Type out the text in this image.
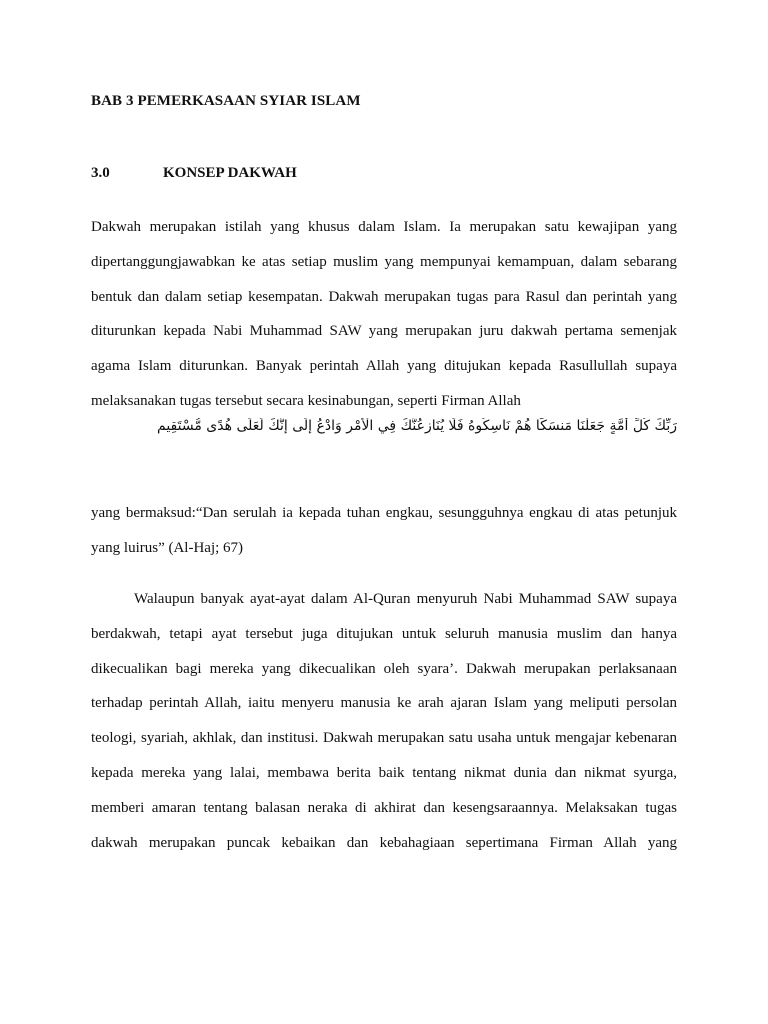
BAB 3 PEMERKASAAN SYIAR ISLAM
3.0	KONSEP DAKWAH
Dakwah merupakan istilah yang khusus dalam Islam. Ia merupakan satu kewajipan yang
dipertanggungjawabkan ke atas setiap muslim yang mempunyai kemampuan, dalam sebarang
bentuk dan dalam setiap kesempatan. Dakwah merupakan tugas para Rasul dan perintah yang
diturunkan kepada Nabi Muhammad SAW yang merupakan juru dakwah pertama semenjak
agama Islam diturunkan. Banyak perintah Allah yang ditujukan kepada Rasullullah supaya
melaksanakan tugas tersebut secara kesinabungan, seperti Firman Allah
رَبِّكَ كُلِّ أُمَّةٍ جَعَلْنَا مَنسَكًا هُمْ نَاسِكُوهُ فَلَا يُنَازِعُنَّكَ فِي الْأَمْرِ وَادْعُ إِلَى إِنَّكَ لَعَلَى هُدًى مُّسْتَقِيمٍ
yang bermaksud:“Dan serulah ia kepada tuhan engkau, sesungguhnya engkau di atas petunjuk
yang luirus” (Al-Haj; 67)
Walaupun banyak ayat-ayat dalam Al-Quran menyuruh Nabi Muhammad SAW supaya
berdakwah, tetapi ayat tersebut juga ditujukan untuk seluruh manusia muslim dan hanya
dikecualikan bagi mereka yang dikecualikan oleh syara’. Dakwah merupakan perlaksanaan
terhadap perintah Allah, iaitu menyeru manusia ke arah ajaran Islam yang meliputi persolan
teologi, syariah, akhlak, dan institusi. Dakwah merupakan satu usaha untuk mengajar kebenaran
kepada mereka yang lalai, membawa berita baik tentang nikmat dunia dan nikmat syurga,
memberi amaran tentang balasan neraka di akhirat dan kesengsaraannya. Melaksakan tugas
dakwah merupakan puncak kebaikan dan kebahagiaan sepertimana Firman Allah yang
